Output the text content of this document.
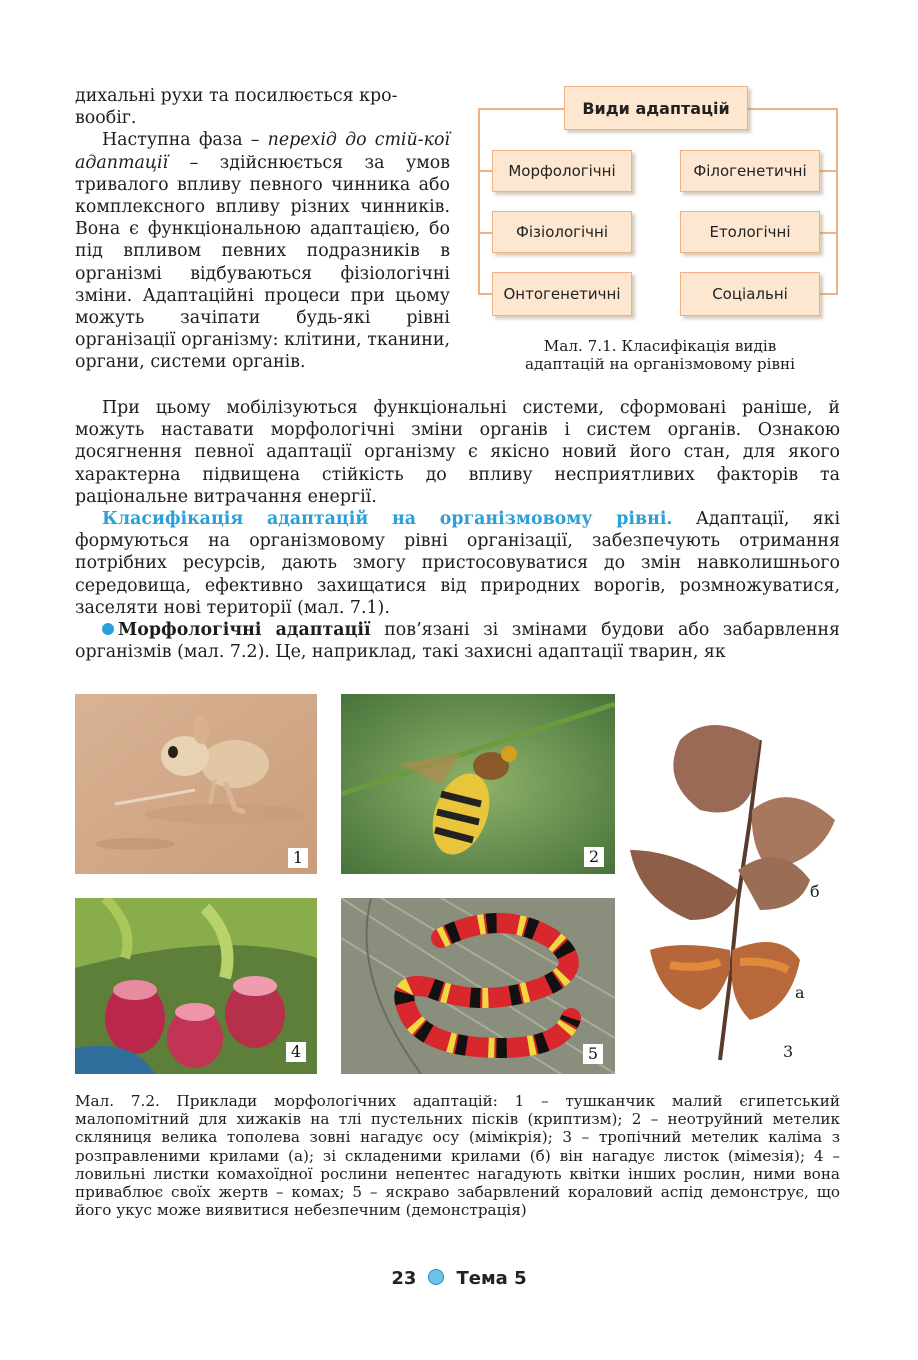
дихальні рухи та посилюється кро-

вообіг.

Наступна фаза – перехід до стій-кої адаптації – здійснюється за умов тривалого впливу певного чинника або комплексного впливу різних чинників. Вона є функціональною адаптацією, бо під впливом певних подразників в організмі відбуваються фізіологічні зміни. Адаптаційні процеси при цьому можуть зачіпати будь-які рівні організації організму: клітини, тканини, органи, системи органів.

Види адаптацій
Морфологічні
Фізіологічні
Онтогенетичні
Філогенетичні
Етологічні
Соціальні
Мал. 7.1. Класифікація видів
адаптацій на організмовому рівні

При цьому мобілізуються функціональні системи, сформовані раніше, й можуть наставати морфологічні зміни органів і систем органів. Ознакою досягнення певної адаптації організму є якісно новий його стан, для якого характерна підвищена стійкість до впливу несприятливих факторів та раціональне витрачання енергії.

Класифікація адаптацій на організмовому рівні. Адаптації, які формуються на організмовому рівні організації, забезпечують отримання потрібних ресурсів, дають змогу пристосовуватися до змін навколишнього середовища, ефективно захищатися від природних ворогів, розмножуватися, заселяти нові території (мал. 7.1).

Морфологічні адаптації пов’язані зі змінами будови або забарвлення організмів (мал. 7.2). Це, наприклад, такі захисні адаптації тварин, як

1	2
б
а
3
4	5
Мал. 7.2. Приклади морфологічних адаптацій: 1 – тушканчик малий єгипетський малопомітний для хижаків на тлі пустельних пісків (криптизм); 2 – неотруйний метелик скляниця велика тополева зовні нагадує осу (мімікрія); 3 – тропічний метелик каліма з розправленими крилами (а); зі складеними крилами (б) він нагадує листок (мімезія); 4 – ловильні листки комахоїдної рослини непентес нагадують квітки інших рослин, ними вона приваблює своїх жертв – комах; 5 – яскраво забарвлений кораловий аспід демонструє, що його укус може виявитися небезпечним (демонстрація)
23 Тема 5
